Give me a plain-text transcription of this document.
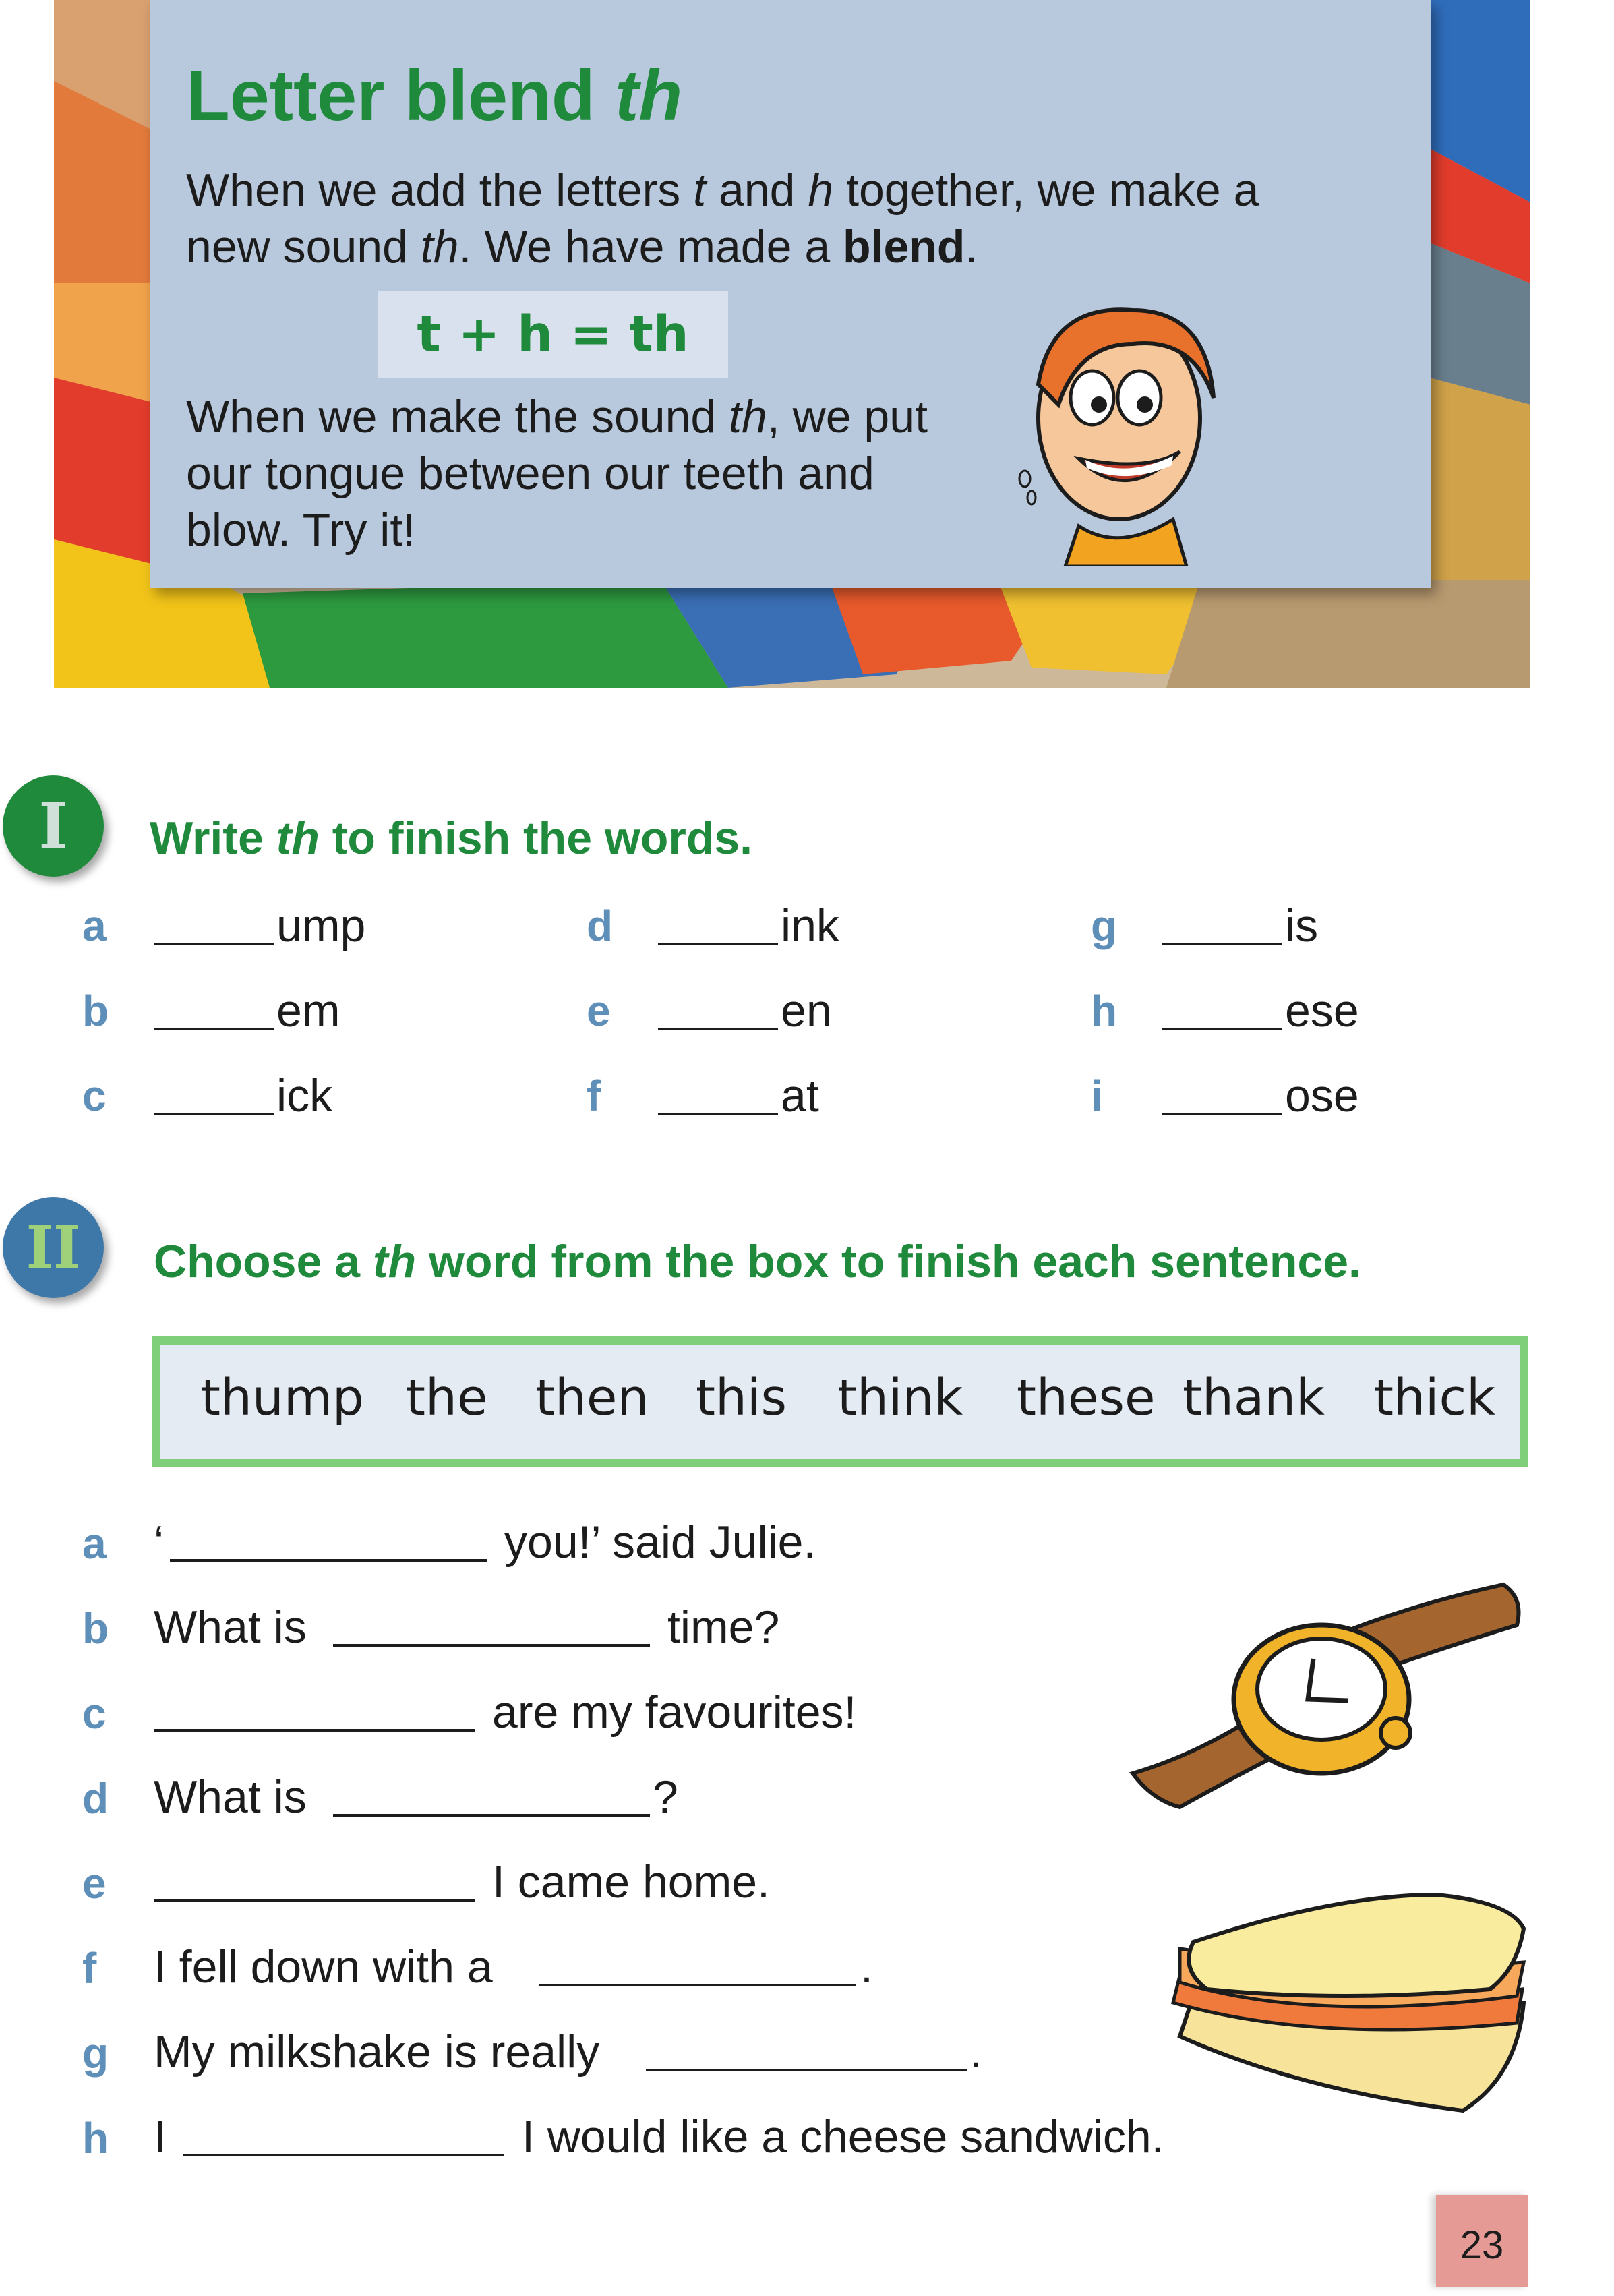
Letter blend th
When we add the letters t and h together, we make a new sound th. We have made a blend.
t + h = th
When we make the sound th, we put our tongue between our teeth and blow. Try it!
I	Write th to finish the words.
a	ump
b	em
c	ick
d	ink
e	en
f	at
g	is
h	ese
i	ose
II	Choose a th word from the box to finish each sentence.
thump the then this think these thank thick
a ‘	you!’ said Julie.
b What is	time?
c	are my favourites!
d What is	?
e	I came home.
f I fell down with a	.
g My milkshake is really	.
h I	I would like a cheese sandwich.
23
